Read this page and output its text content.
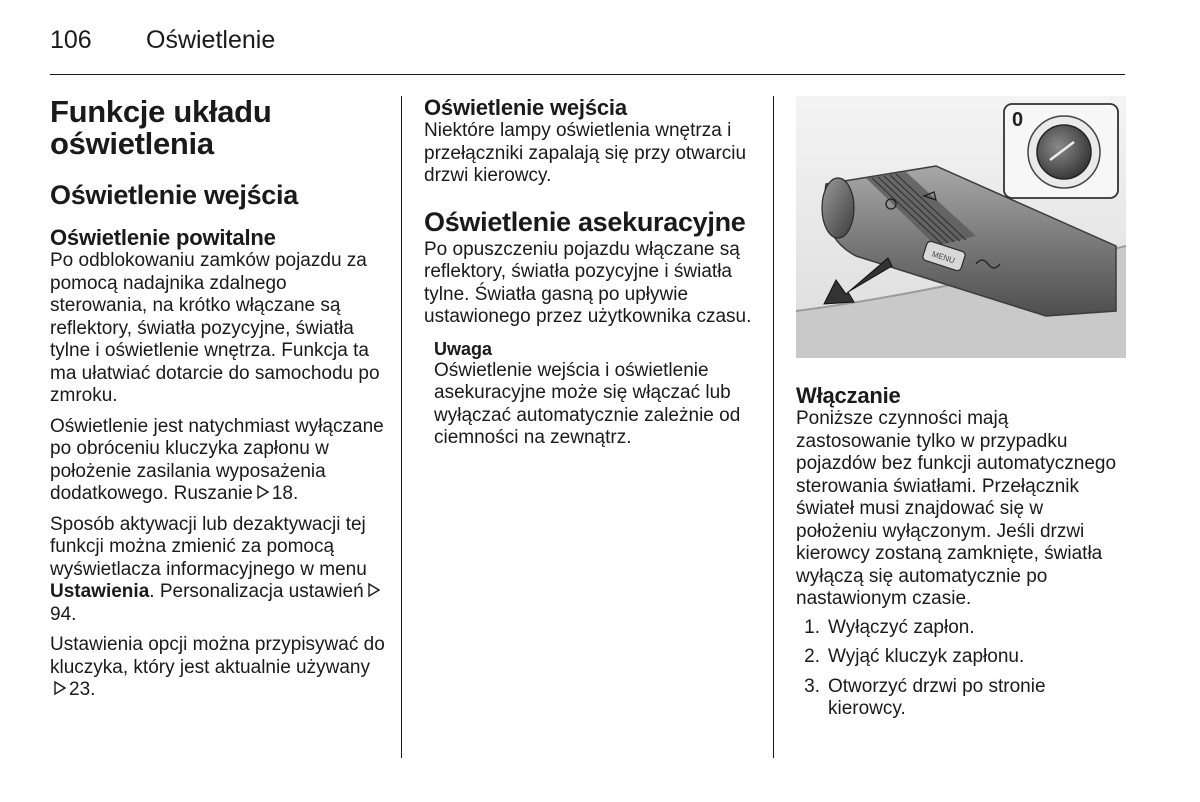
106	Oświetlenie
Funkcje układu oświetlenia
Oświetlenie wejścia
Oświetlenie powitalne

Po odblokowaniu zamków pojazdu za pomocą nadajnika zdalnego sterowania, na krótko włączane są reflektory, światła pozycyjne, światła tylne i oświetlenie wnętrza. Funkcja ta ma ułatwiać dotarcie do samochodu po zmroku.

Oświetlenie jest natychmiast wyłączane po obróceniu kluczyka zapłonu w położenie zasilania wyposażenia dodatkowego. Ruszanie 18.

Sposób aktywacji lub dezaktywacji tej funkcji można zmienić za pomocą wyświetlacza informacyjnego w menu Ustawienia. Personalizacja ustawień94.

Ustawienia opcji można przypisywać do kluczyka, który jest aktualnie używany23.

Oświetlenie wejścia

Niektóre lampy oświetlenia wnętrza i przełączniki zapalają się przy otwarciu drzwi kierowcy.

Oświetlenie asekuracyjne

Po opuszczeniu pojazdu włączane są reflektory, światła pozycyjne i światła tylne. Światła gasną po upływie ustawionego przez użytkownika czasu.

Uwaga

Oświetlenie wejścia i oświetlenie asekuracyjne może się włączać lub wyłączać automatycznie zależnie od ciemności na zewnątrz.

MENU
0
Włączanie

Poniższe czynności mają zastosowanie tylko w przypadku pojazdów bez funkcji automatycznego sterowania światłami. Przełącznik świateł musi znajdować się w położeniu wyłączonym. Jeśli drzwi kierowcy zostaną zamknięte, światła wyłączą się automatycznie po nastawionym czasie.

1. Wyłączyć zapłon.
2. Wyjąć kluczyk zapłonu.
3. Otworzyć drzwi po stronie kierowcy.
